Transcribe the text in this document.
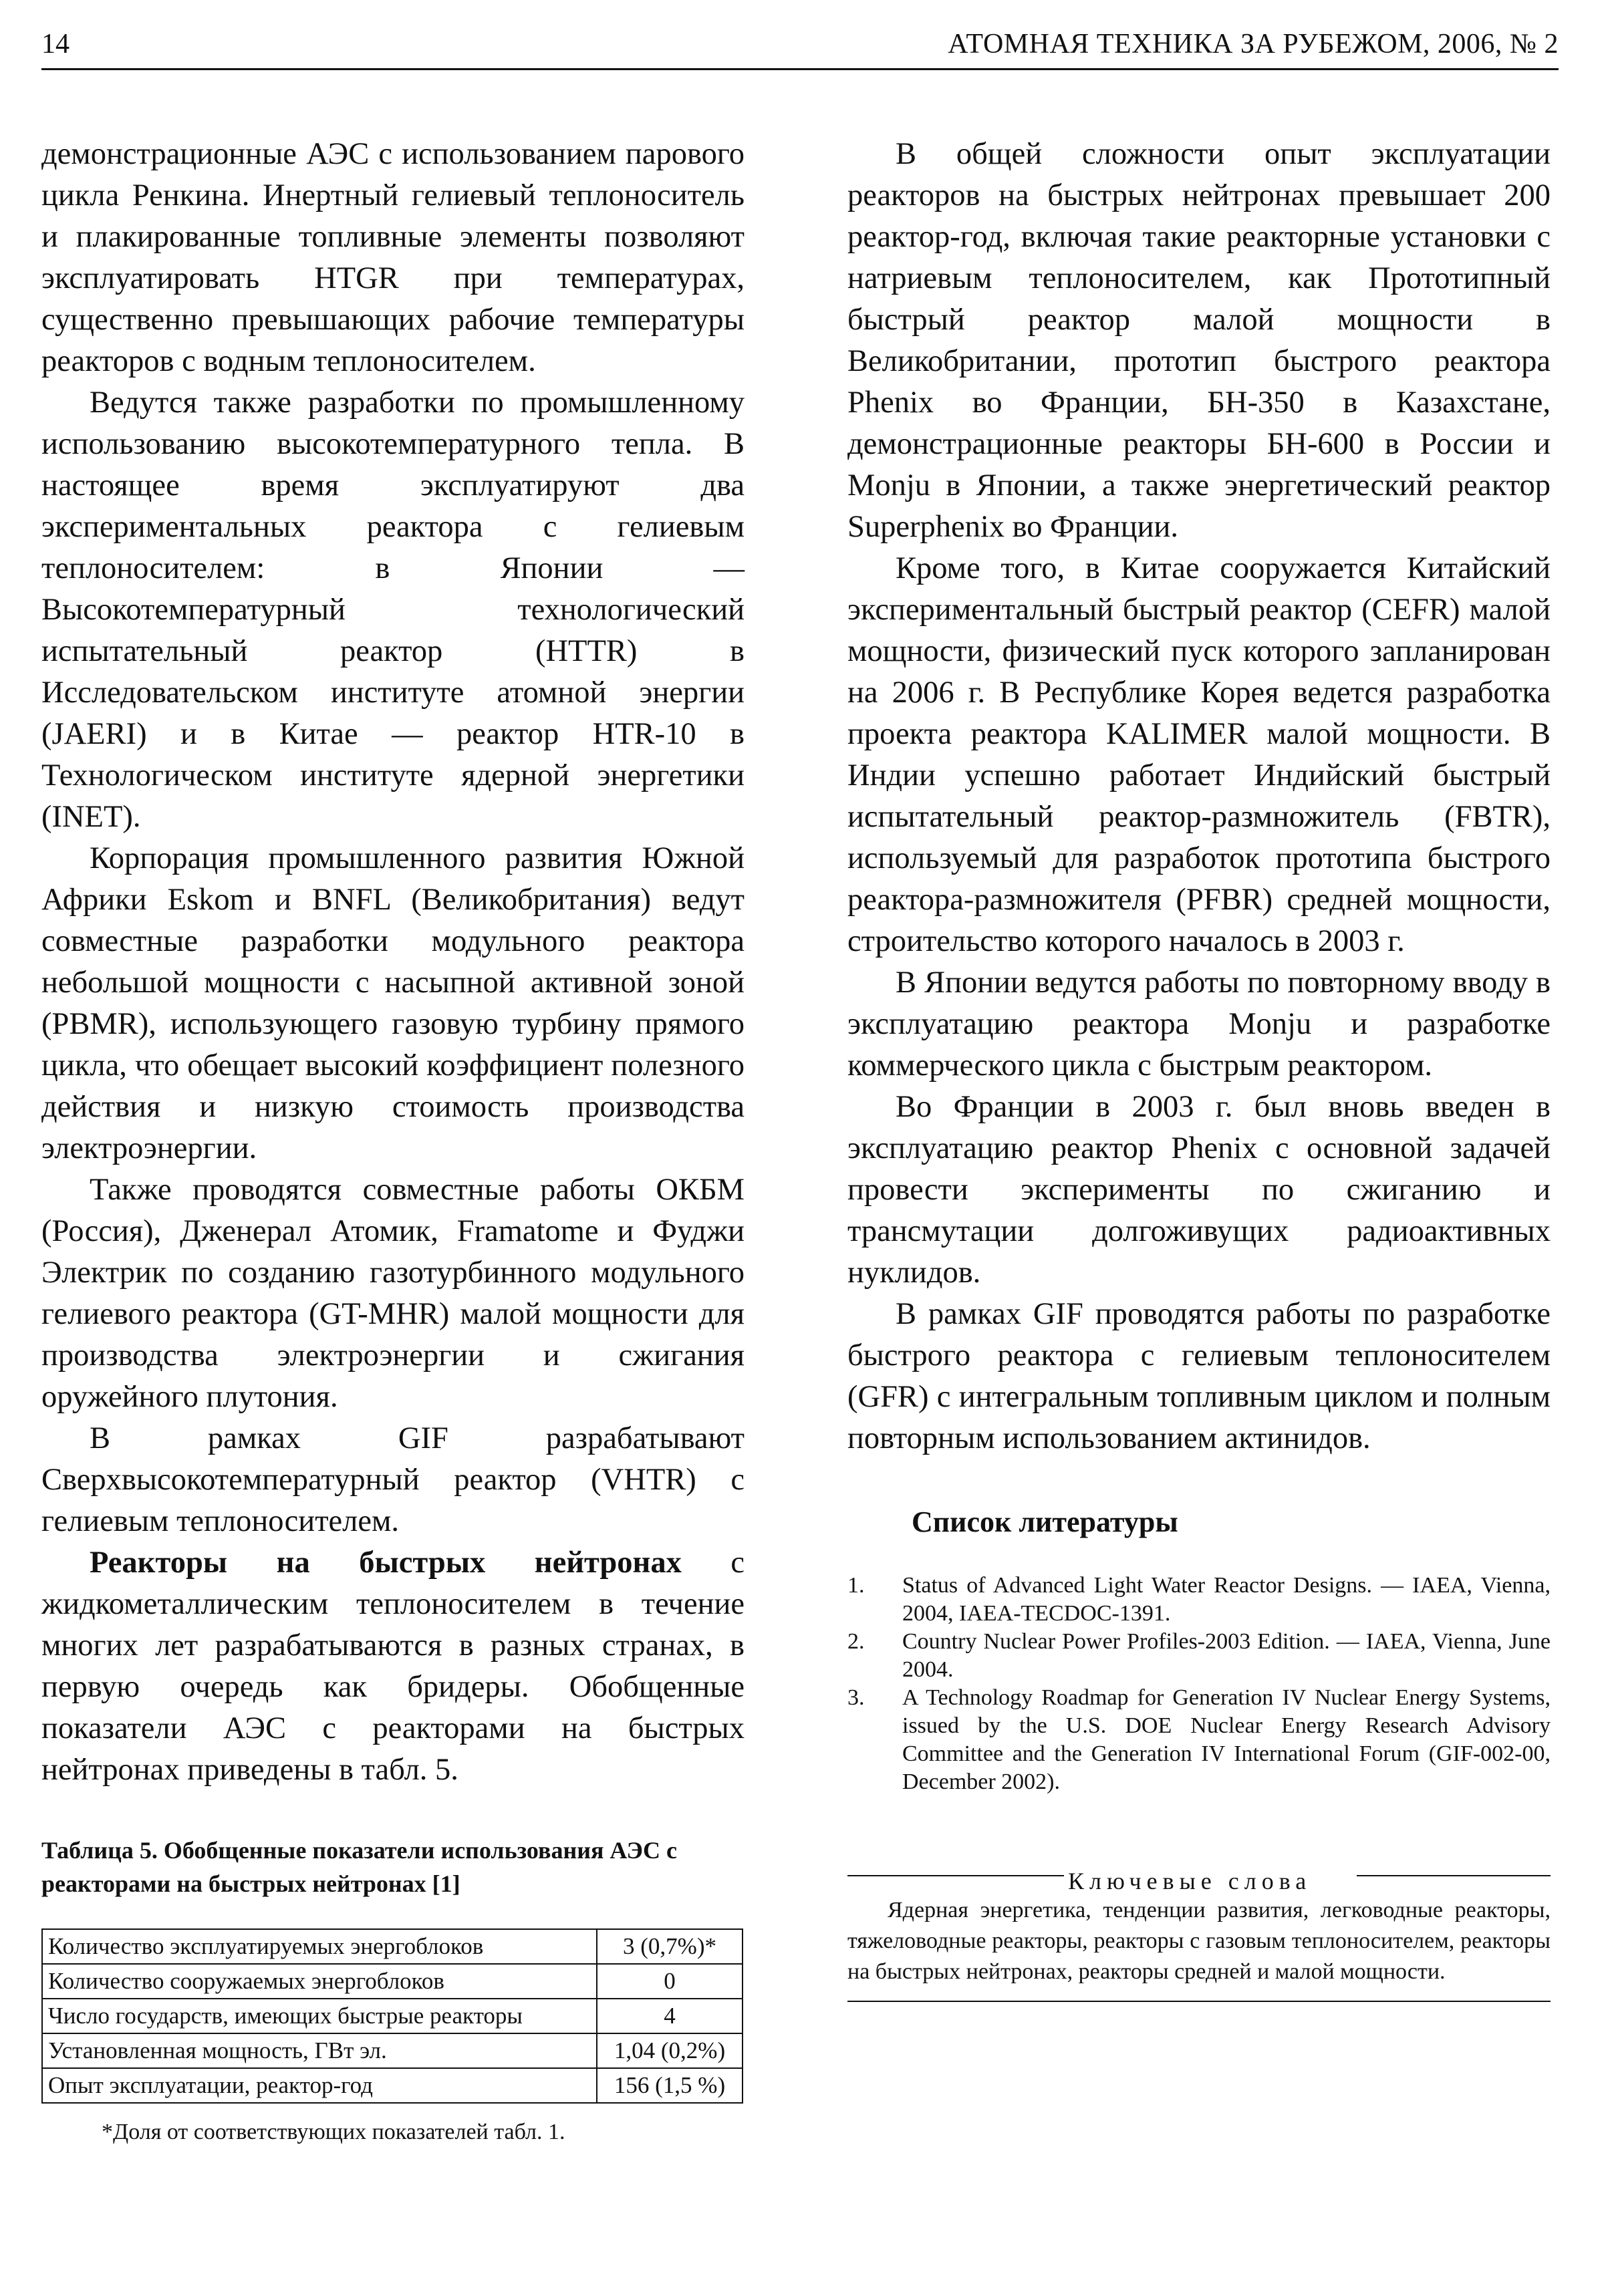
14	АТОМНАЯ ТЕХНИКА ЗА РУБЕЖОМ, 2006, № 2

демонстрационные АЭС с использованием парового цикла Ренкина. Инертный гелиевый теплоноситель и плакированные топливные элементы позволяют эксплуатировать HTGR при температурах, существенно превышающих рабочие температуры реакторов с водным теплоносителем.

Ведутся также разработки по промышленному использованию высокотемпературного тепла. В настоящее время эксплуатируют два экспериментальных реактора с гелиевым теплоносителем: в Японии — Высокотемпературный технологический испытательный реактор (HTTR) в Исследовательском институте атомной энергии (JAERI) и в Китае — реактор HTR-10 в Технологическом институте ядерной энергетики (INET).

Корпорация промышленного развития Южной Африки Eskom и BNFL (Великобритания) ведут совместные разработки модульного реактора небольшой мощности с насыпной активной зоной (PBMR), использующего газовую турбину прямого цикла, что обещает высокий коэффициент полезного действия и низкую стоимость производства электроэнергии.

Также проводятся совместные работы ОКБМ (Россия), Дженерал Атомик, Framatome и Фуджи Электрик по созданию газотурбинного модульного гелиевого реактора (GT-MHR) малой мощности для производства электроэнергии и сжигания оружейного плутония.

В рамках GIF разрабатывают Сверхвысокотемпературный реактор (VHTR) с гелиевым теплоносителем.

Реакторы на быстрых нейтронах с жидкометаллическим теплоносителем в течение многих лет разрабатываются в разных странах, в первую очередь как бридеры. Обобщенные показатели АЭС с реакторами на быстрых нейтронах приведены в табл. 5.

Таблица 5. Обобщенные показатели использования АЭС с реакторами на быстрых нейтронах [1]
Количество эксплуатируемых энергоблоков	3 (0,7%)*
Количество сооружаемых энергоблоков	0
Число государств, имеющих быстрые реакторы	4
Установленная мощность, ГВт эл.	1,04 (0,2%)
Опыт эксплуатации, реактор-год	156 (1,5 %)
*Доля от соответствующих показателей табл. 1.

В общей сложности опыт эксплуатации реакторов на быстрых нейтронах превышает 200 реактор-год, включая такие реакторные установки с натриевым теплоносителем, как Прототипный быстрый реактор малой мощности в Великобритании, прототип быстрого реактора Phenix во Франции, БН-350 в Казахстане, демонстрационные реакторы БН-600 в России и Monju в Японии, а также энергетический реактор Superphenix во Франции.

Кроме того, в Китае сооружается Китайский экспериментальный быстрый реактор (CEFR) малой мощности, физический пуск которого запланирован на 2006 г. В Республике Корея ведется разработка проекта реактора KALIMER малой мощности. В Индии успешно работает Индийский быстрый испытательный реактор-размножитель (FBTR), используемый для разработок прототипа быстрого реактора-размножителя (PFBR) средней мощности, строительство которого началось в 2003 г.

В Японии ведутся работы по повторному вводу в эксплуатацию реактора Monju и разработке коммерческого цикла с быстрым реактором.

Во Франции в 2003 г. был вновь введен в эксплуатацию реактор Phenix с основной задачей провести эксперименты по сжиганию и трансмутации долгоживущих радиоактивных нуклидов.

В рамках GIF проводятся работы по разработке быстрого реактора с гелиевым теплоносителем (GFR) с интегральным топливным циклом и полным повторным использованием актинидов.

Список литературы
1. Status of Advanced Light Water Reactor Designs. — IAEA, Vienna, 2004, IAEA-TECDOC-1391.
2. Country Nuclear Power Profiles-2003 Edition. — IAEA, Vienna, June 2004.
3. A Technology Roadmap for Generation IV Nuclear Energy Systems, issued by the U.S. DOE Nuclear Energy Research Advisory Committee and the Generation IV International Forum (GIF-002-00, December 2002).
Ключевые слова

Ядерная энергетика, тенденции развития, легководные реакторы, тяжеловодные реакторы, реакторы с газовым теплоносителем, реакторы на быстрых нейтронах, реакторы средней и малой мощности.
